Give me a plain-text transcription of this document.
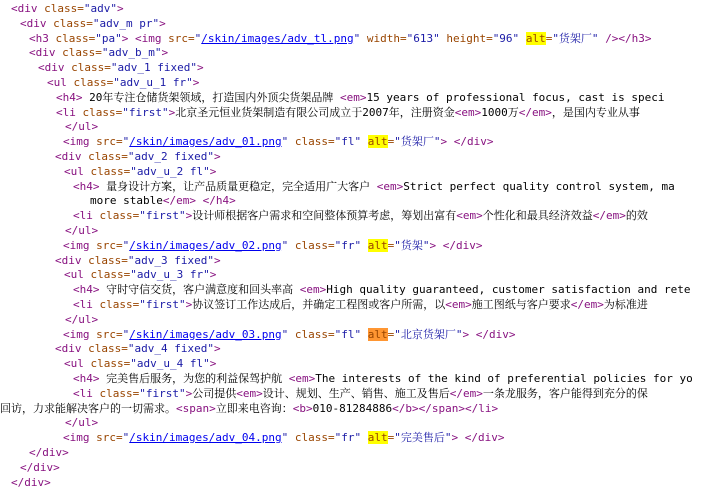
<div class="adv">
<div class="adv_m pr">
<h3 class="pa"> <img src="/skin/images/adv_tl.png" width="613" height="96" alt="货架厂" /></h3>
<div class="adv_b_m">
<div class="adv_1 fixed">
<ul class="adv_u_1 fr">
<h4> 20年专注仓储货架领域，打造国内外顶尖货架品牌 <em>15 years of professional focus, cast is speci
<li class="first">北京圣元恒业货架制造有限公司成立于2007年，注册资金<em>1000万</em>，是国内专业从事
</ul>
<img src="/skin/images/adv_01.png" class="fl" alt="货架厂"> </div>
<div class="adv_2 fixed">
<ul class="adv_u_2 fl">
<h4> 量身设计方案，让产品质量更稳定，完全适用广大客户 <em>Strict perfect quality control system, ma
more stable</em> </h4>
<li class="first">设计师根据客户需求和空间整体预算考虑，筹划出富有<em>个性化和最具经济效益</em>的效
</ul>
<img src="/skin/images/adv_02.png" class="fr" alt="货架"> </div>
<div class="adv_3 fixed">
<ul class="adv_u_3 fr">
<h4> 守时守信交货，客户满意度和回头率高 <em>High quality guaranteed, customer satisfaction and rete
<li class="first">协议签订工作达成后，并确定工程图或客户所需，以<em>施工图纸与客户要求</em>为标准进
</ul>
<img src="/skin/images/adv_03.png" class="fl" alt="北京货架厂"> </div>
<div class="adv_4 fixed">
<ul class="adv_u_4 fl">
<h4> 完美售后服务，为您的利益保驾护航 <em>The interests of the kind of preferential policies for yo
<li class="first">公司提供<em>设计、规划、生产、销售、施工及售后</em>一条龙服务，客户能得到充分的保
回访，力求能解决客户的一切需求。<span>立即来电咨询：<b>010-81284886</b></span></li>
</ul>
<img src="/skin/images/adv_04.png" class="fr" alt="完美售后"> </div>
</div>
</div>
</div>
